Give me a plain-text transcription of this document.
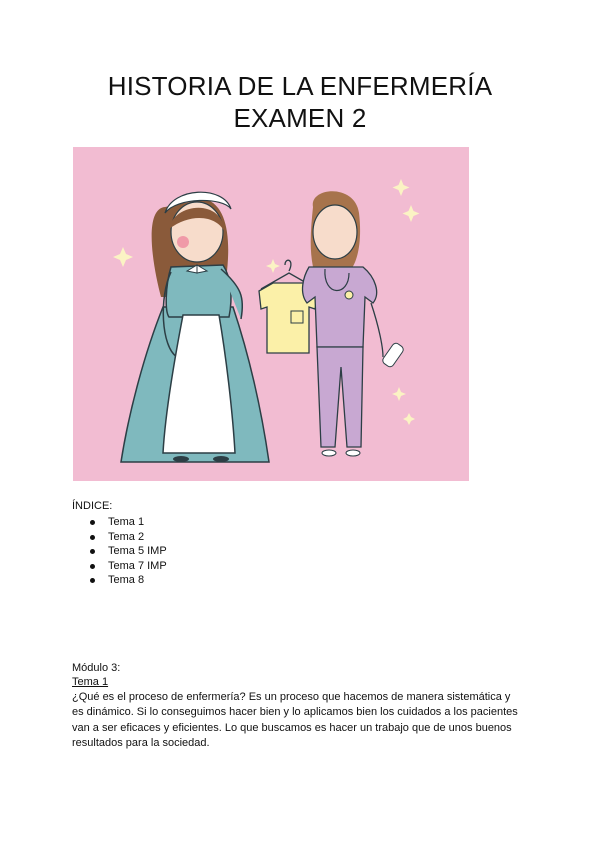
HISTORIA DE LA ENFERMERÍA
EXAMEN 2
ÍNDICE:
Tema 1
Tema 2
Tema 5 IMP
Tema 7 IMP
Tema 8
Módulo 3:
Tema 1
¿Qué es el proceso de enfermería? Es un proceso que hacemos de manera sistemática y
es dinámico. Si lo conseguimos hacer bien y lo aplicamos bien los cuidados a los pacientes
van a ser eficaces y eficientes. Lo que buscamos es hacer un trabajo que de unos buenos
resultados para la sociedad.
